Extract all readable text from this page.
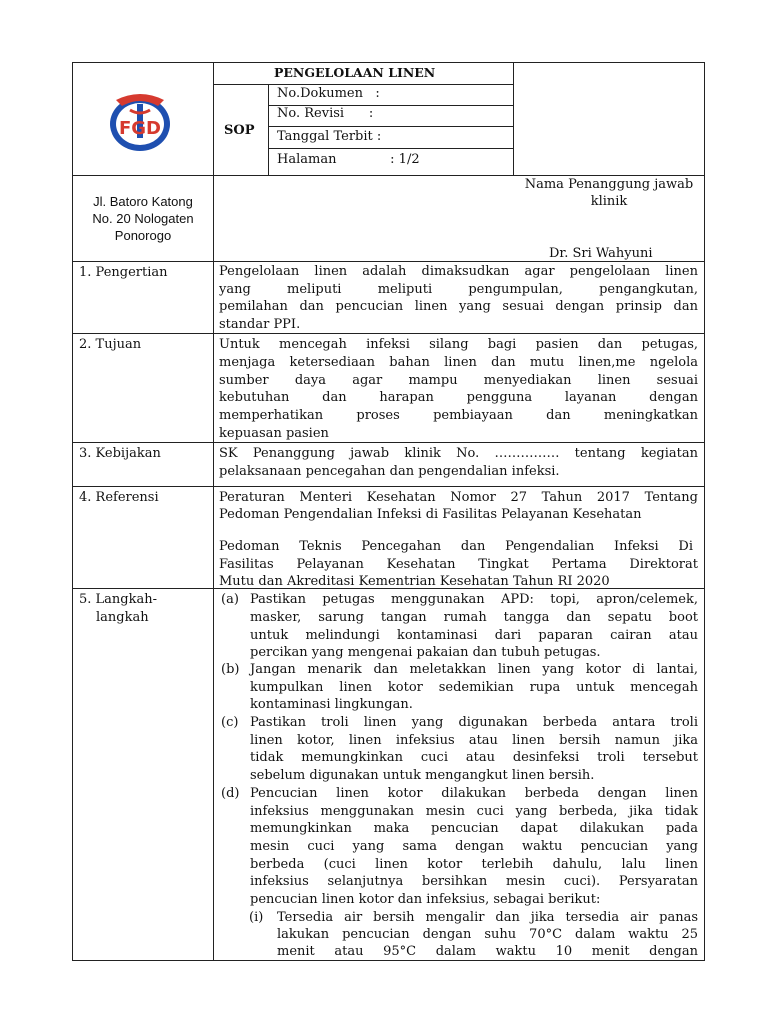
FGD
PENGELOLAAN LINEN
SOP
No.Dokumen   :
No. Revisi      :
Tanggal Terbit :
Halaman             : 1/2
Jl. Batoro Katong
No. 20 Nologaten
Ponorogo
Nama Penanggung jawab
klinik
Dr. Sri Wahyuni
1. Pengertian
2. Tujuan
3. Kebijakan
4. Referensi
5. Langkah-
langkah
Pengelolaan linen adalah dimaksudkan agar pengelolaan linen
yang meliputi meliputi pengumpulan, pengangkutan,
pemilahan dan pencucian linen yang sesuai dengan prinsip dan
standar PPI.
Untuk mencegah infeksi silang bagi pasien dan petugas,
menjaga ketersediaan bahan linen dan mutu linen,me ngelola
sumber daya agar mampu menyediakan linen sesuai
kebutuhan dan harapan pengguna layanan dengan
memperhatikan proses pembiayaan dan meningkatkan
kepuasan pasien
SK Penanggung jawab klinik No. …………… tentang kegiatan
pelaksanaan pencegahan dan pengendalian infeksi.
Peraturan Menteri Kesehatan Nomor 27 Tahun 2017 Tentang
Pedoman Pengendalian Infeksi di Fasilitas Pelayanan Kesehatan
Pedoman Teknis Pencegahan dan Pengendalian Infeksi Di
Fasilitas Pelayanan Kesehatan Tingkat Pertama Direktorat
Mutu dan Akreditasi Kementrian Kesehatan Tahun RI 2020
(a) Pastikan petugas menggunakan APD: topi, apron/celemek,
masker, sarung tangan rumah tangga dan sepatu boot
untuk melindungi kontaminasi dari paparan cairan atau
percikan yang mengenai pakaian dan tubuh petugas.
(b) Jangan menarik dan meletakkan linen yang kotor di lantai,
kumpulkan linen kotor sedemikian rupa untuk mencegah
kontaminasi lingkungan.
(c) Pastikan troli linen yang digunakan berbeda antara troli
linen kotor, linen infeksius atau linen bersih namun jika
tidak memungkinkan cuci atau desinfeksi troli tersebut
sebelum digunakan untuk mengangkut linen bersih.
(d) Pencucian linen kotor dilakukan berbeda dengan linen
infeksius menggunakan mesin cuci yang berbeda, jika tidak
memungkinkan maka pencucian dapat dilakukan pada
mesin cuci yang sama dengan waktu pencucian yang
berbeda (cuci linen kotor terlebih dahulu, lalu linen
infeksius selanjutnya bersihkan mesin cuci). Persyaratan
pencucian linen kotor dan infeksius, sebagai berikut:
(i) Tersedia air bersih mengalir dan jika tersedia air panas
lakukan pencucian dengan suhu 70°C dalam waktu 25
menit atau 95°C dalam waktu 10 menit dengan
